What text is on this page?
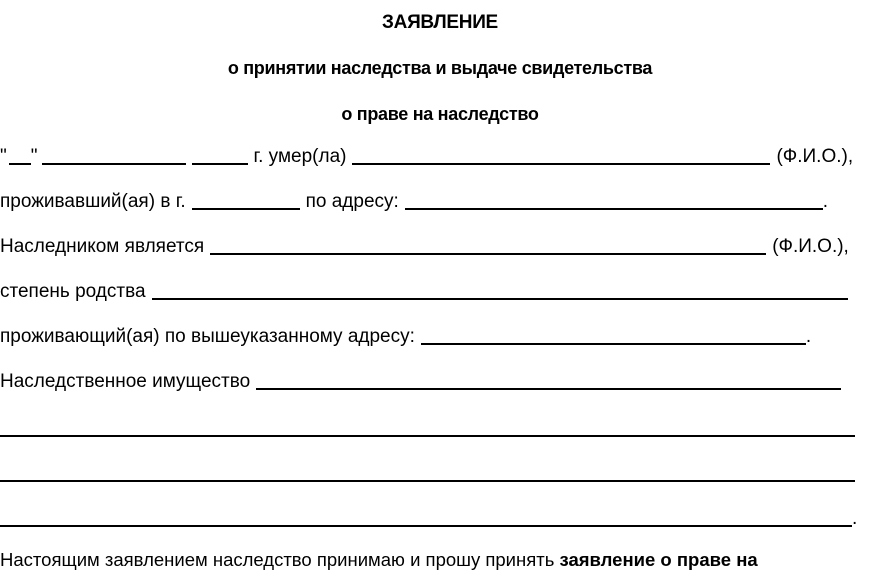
ЗАЯВЛЕНИЕ
о принятии наследства и выдаче свидетельства
о праве на наследство
" "	г. умер(ла)	(Ф.И.О.),
проживавший(ая) в г.	по адресу:	.
Наследником является	(Ф.И.О.),
степень родства
проживающий(ая) по вышеуказанному адресу:	.
Наследственное имущество
.
Настоящим заявлением наследство принимаю и прошу принять заявление о праве на
